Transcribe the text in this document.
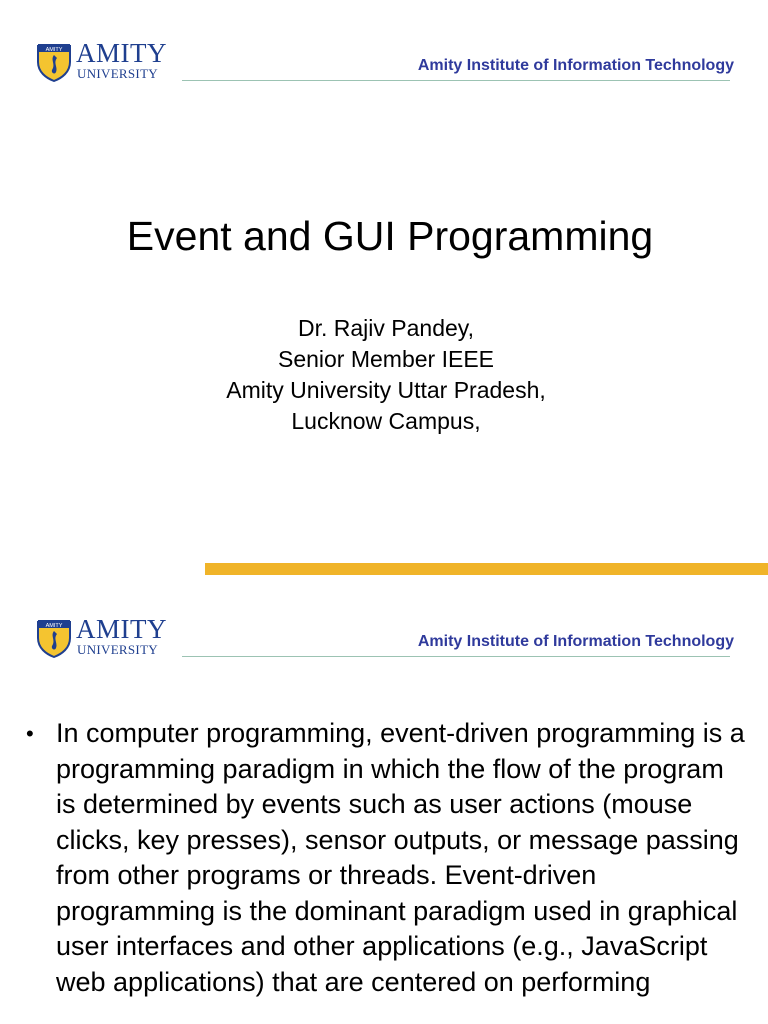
AMITY AMITY
UNIVERSITY	Amity Institute of Information Technology
Event and GUI Programming
Dr. Rajiv Pandey,
Senior Member IEEE
Amity University Uttar Pradesh,
Lucknow Campus,
AMITY AMITY
UNIVERSITY	Amity Institute of Information Technology
• In computer programming, event-driven programming is a programming paradigm in which the flow of the program is determined by events such as user actions (mouse clicks, key presses), sensor outputs, or message passing from other programs or threads. Event-driven programming is the dominant paradigm used in graphical user interfaces and other applications (e.g., JavaScript web applications) that are centered on performing
